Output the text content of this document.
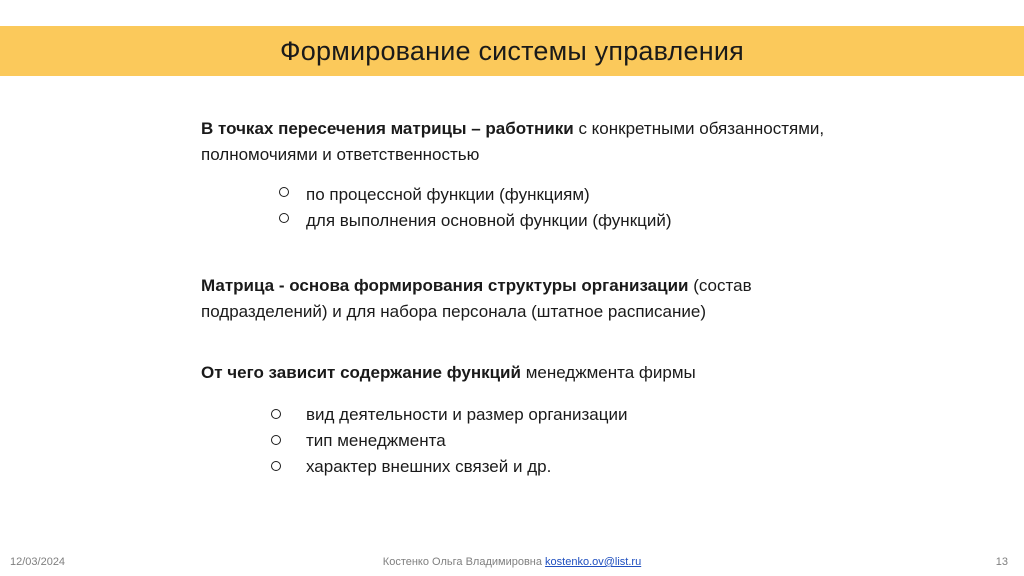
Формирование системы управления

В точках пересечения матрицы – работники с конкретными обязанностями, полномочиями и ответственностью

по процессной функции (функциям)
для выполнения основной функции (функций)

Матрица - основа формирования структуры организации (состав подразделений) и для набора персонала (штатное расписание)

От чего зависит содержание функций менеджмента фирмы

вид деятельности и размер организации
тип менеджмента
характер внешних связей и др.
12/03/2024	Костенко Ольга Владимировна kostenko.ov@list.ru	13
